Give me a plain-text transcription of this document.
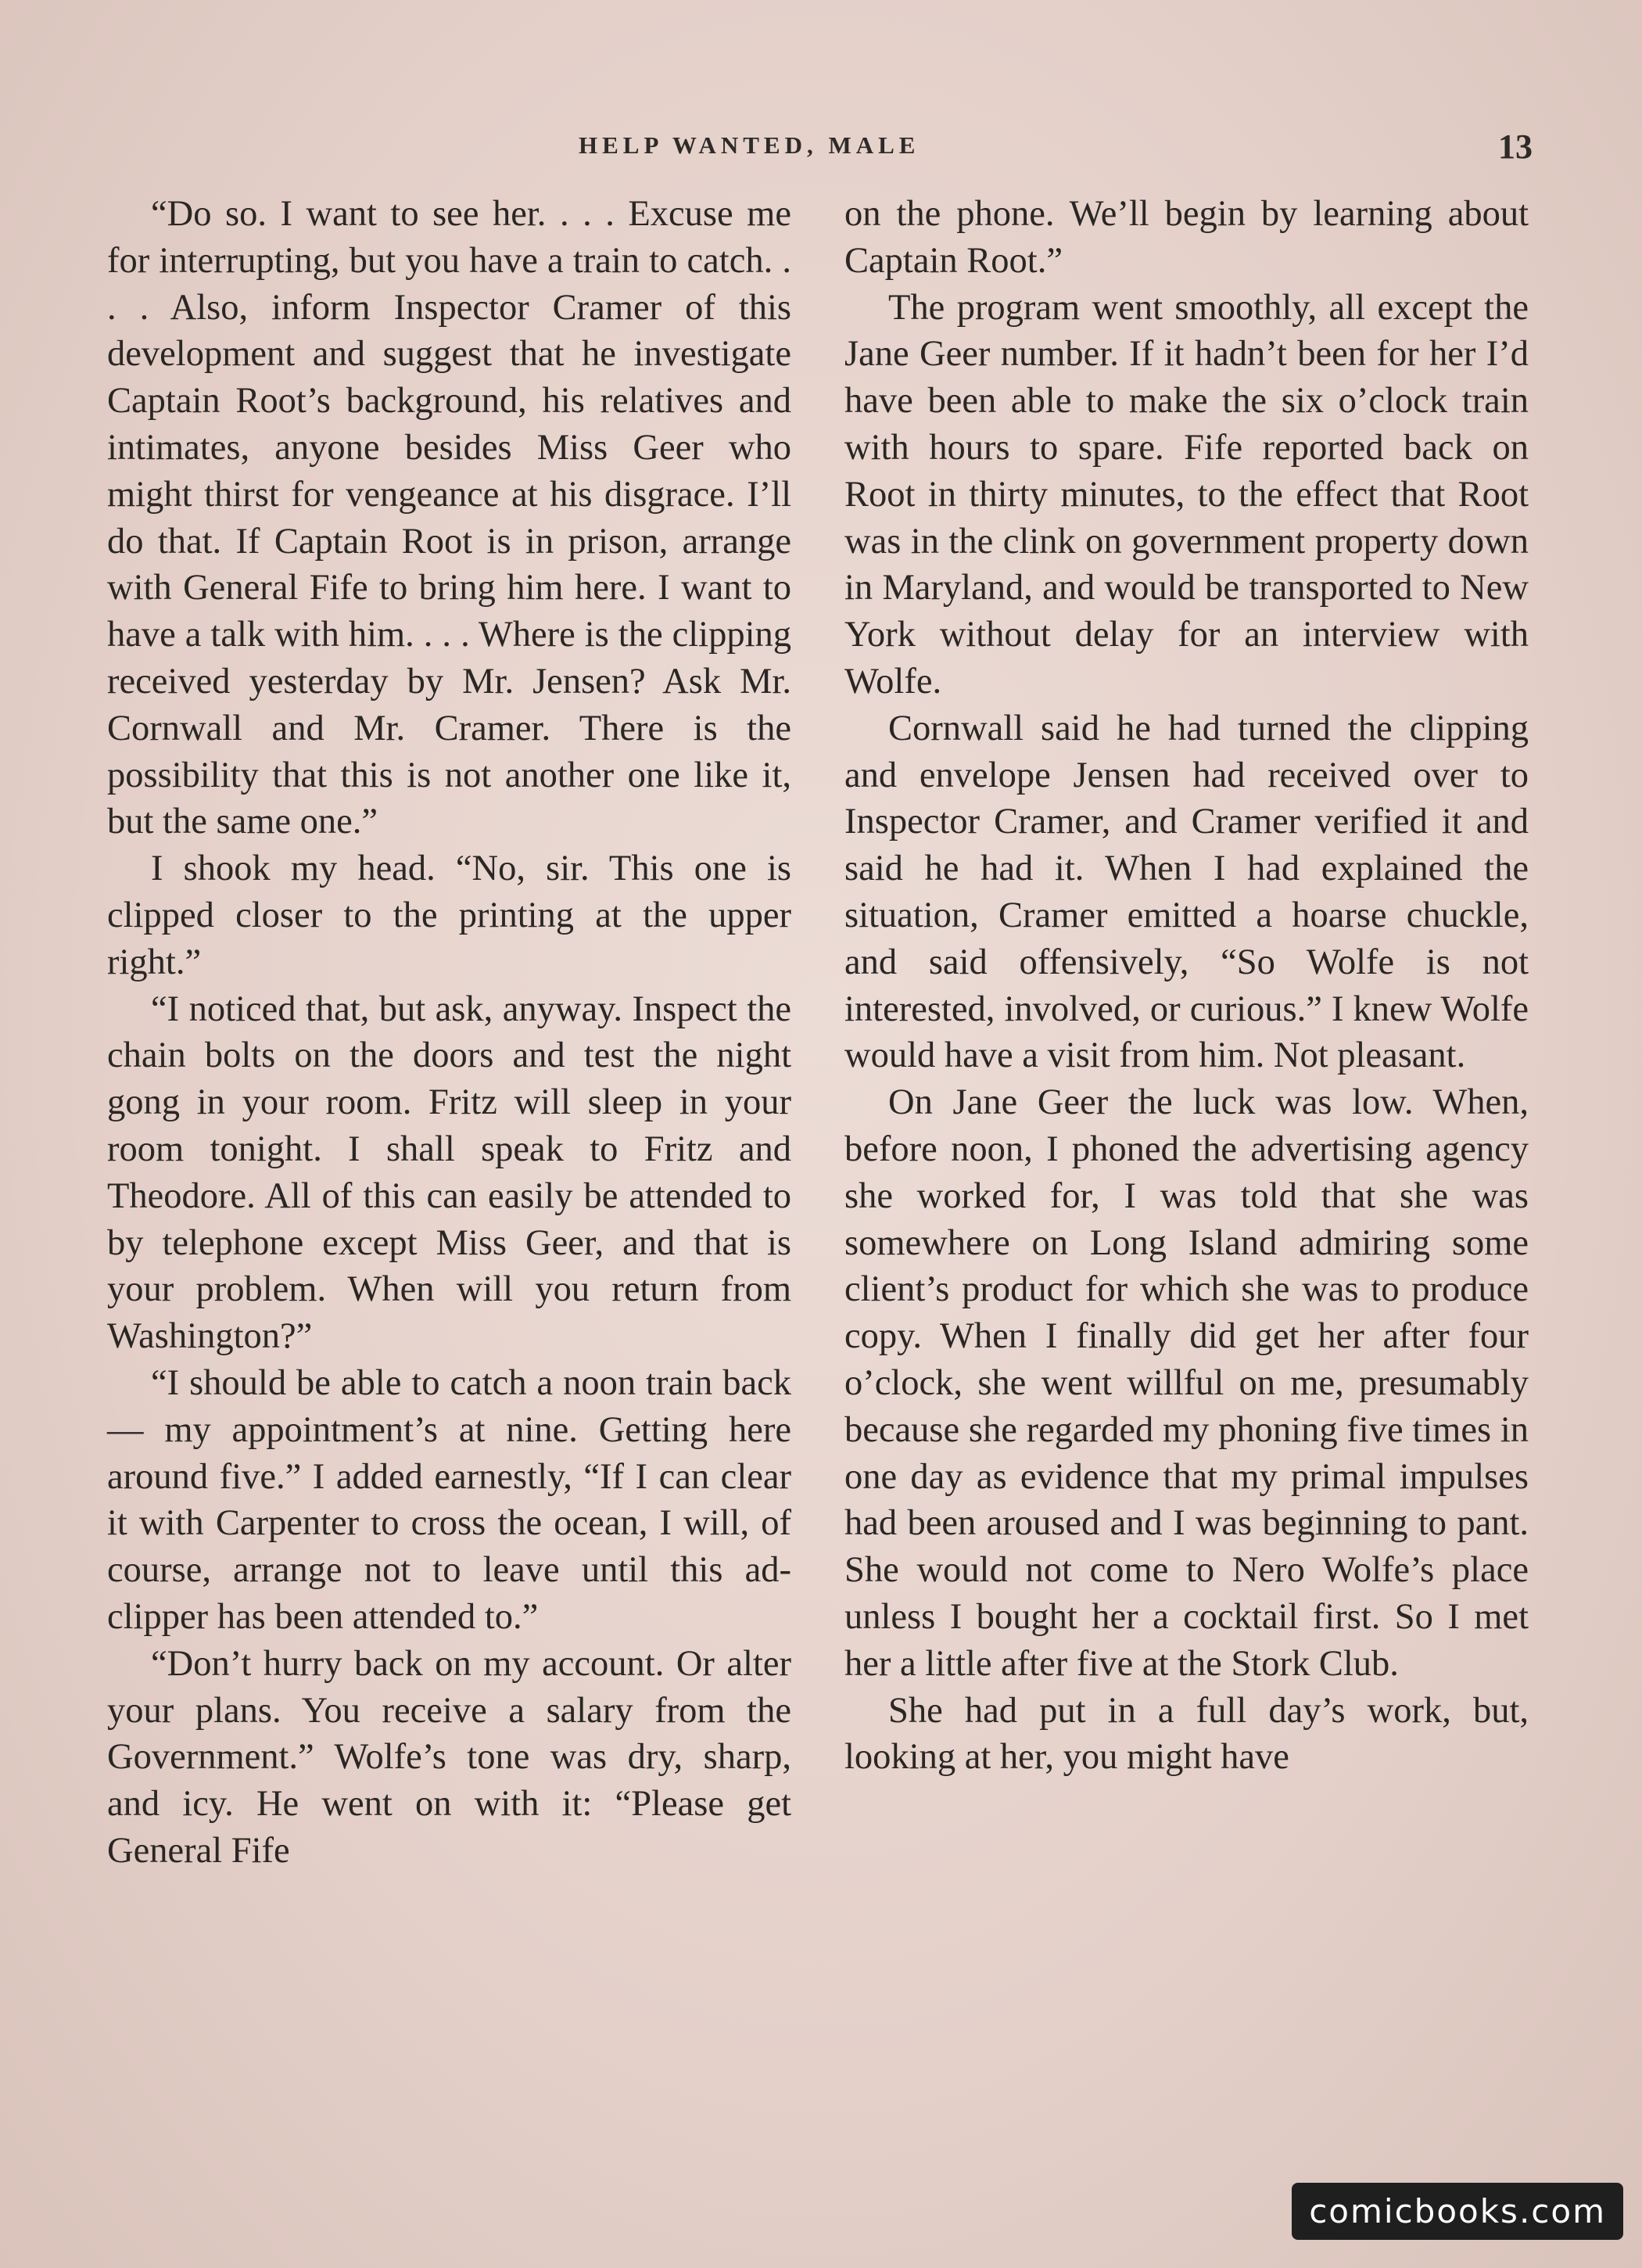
HELP WANTED, MALE	13

“Do so. I want to see her. . . . Excuse me for interrupting, but you have a train to catch. . . . Also, inform Inspector Cramer of this development and suggest that he investigate Captain Root’s background, his relatives and intimates, anyone besides Miss Geer who might thirst for vengeance at his disgrace. I’ll do that. If Captain Root is in prison, arrange with General Fife to bring him here. I want to have a talk with him. . . . Where is the clipping received yesterday by Mr. Jensen? Ask Mr. Cornwall and Mr. Cramer. There is the possibility that this is not another one like it, but the same one.”

I shook my head. “No, sir. This one is clipped closer to the printing at the upper right.”

“I noticed that, but ask, anyway. Inspect the chain bolts on the doors and test the night gong in your room. Fritz will sleep in your room tonight. I shall speak to Fritz and Theodore. All of this can easily be attended to by telephone except Miss Geer, and that is your problem. When will you return from Washington?”

“I should be able to catch a noon train back — my appointment’s at nine. Getting here around five.” I added earnestly, “If I can clear it with Carpenter to cross the ocean, I will, of course, arrange not to leave until this ad-clipper has been attended to.”

“Don’t hurry back on my account. Or alter your plans. You receive a salary from the Government.” Wolfe’s tone was dry, sharp, and icy. He went on with it: “Please get General Fife

on the phone. We’ll begin by learning about Captain Root.”

The program went smoothly, all except the Jane Geer number. If it hadn’t been for her I’d have been able to make the six o’clock train with hours to spare. Fife reported back on Root in thirty minutes, to the effect that Root was in the clink on government property down in Maryland, and would be transported to New York without delay for an interview with Wolfe.

Cornwall said he had turned the clipping and envelope Jensen had received over to Inspector Cramer, and Cramer verified it and said he had it. When I had explained the situation, Cramer emitted a hoarse chuckle, and said offensively, “So Wolfe is not interested, involved, or curious.” I knew Wolfe would have a visit from him. Not pleasant.

On Jane Geer the luck was low. When, before noon, I phoned the advertising agency she worked for, I was told that she was somewhere on Long Island admiring some client’s product for which she was to produce copy. When I finally did get her after four o’clock, she went willful on me, presumably because she regarded my phoning five times in one day as evidence that my primal impulses had been aroused and I was beginning to pant. She would not come to Nero Wolfe’s place unless I bought her a cocktail first. So I met her a little after five at the Stork Club.

She had put in a full day’s work, but, looking at her, you might have

comicbooks.com
